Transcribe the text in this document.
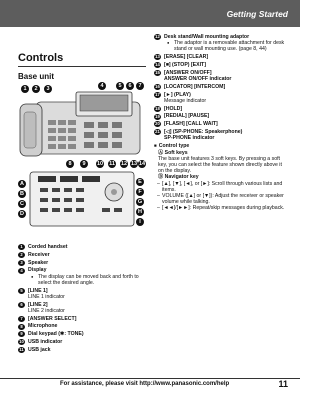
Getting Started
Controls
Base unit
1	2	3	4	5	6	7
8	9	10 11 12 13 14
A
B
C
D
E
F
G
H
I
1	Corded handset
2	Receiver
3	Speaker
4	Display
● The display can be moved back and forth to select the desired angle.
5	[LINE 1]
LINE 1 indicator
6	[LINE 2]
LINE 2 indicator
7	[ANSWER SELECT]
8	Microphone
9	Dial keypad (✱: TONE)
10 USB indicator
11 USB jack
12 Desk stand/Wall mounting adaptor
● The adaptor is a removable attachment for desk stand or wall mounting use. (page 8, 44)
13 [ERASE] [CLEAR]
14 [■] (STOP) [EXIT]
15 [ANSWER ON/OFF]
ANSWER ON/OFF indicator
16 [LOCATOR] [INTERCOM]
17 [►] (PLAY)
Message indicator
18 [HOLD]
19 [REDIAL] [PAUSE]
20 [FLASH] [CALL WAIT]
21 [◁] (SP-PHONE: Speakerphone)
SP-PHONE indicator
■ Control type
Ⓐ Soft keys
The base unit features 3 soft keys. By pressing a soft key, you can select the feature shown directly above it on the display.
Ⓑ Navigator key
– [▲], [▼], [◄], or [►]: Scroll through various lists and items.
– VOLUME ([▲] or [▼]): Adjust the receiver or speaker volume while talking.
– [◄◄]/[►►]: Repeat/skip messages during playback.
For assistance, please visit http://www.panasonic.com/help	11
